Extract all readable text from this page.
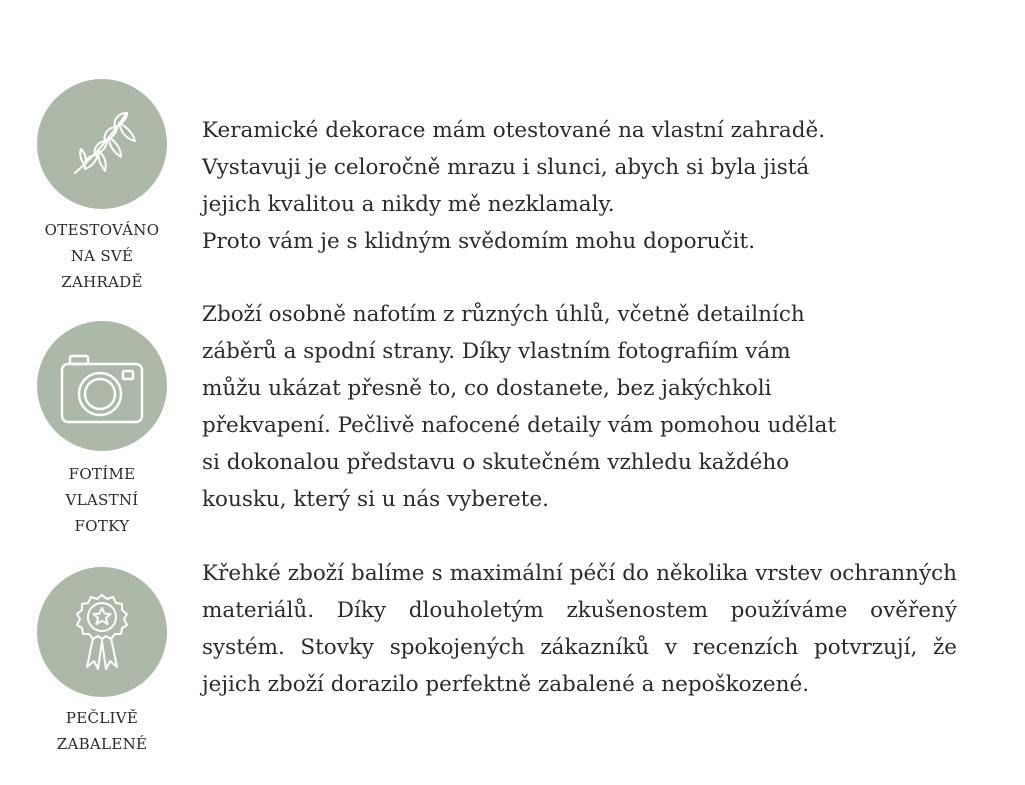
OTESTOVÁNO
NA SVÉ
ZAHRADĚ

Keramické dekorace mám otestované na vlastní zahradě.

Vystavuji je celoročně mrazu i slunci, abych si byla jistá

jejich kvalitou a nikdy mě nezklamaly.

Proto vám je s klidným svědomím mohu doporučit.

FOTÍME
VLASTNÍ
FOTKY

Zboží osobně nafotím z různých úhlů, včetně detailních

záběrů a spodní strany. Díky vlastním fotografiím vám

můžu ukázat přesně to, co dostanete, bez jakýchkoli

překvapení. Pečlivě nafocené detaily vám pomohou udělat

si dokonalou představu o skutečném vzhledu každého

kousku, který si u nás vyberete.

PEČLIVĚ
ZABALENÉ

Křehké zboží balíme s maximální péčí do několika vrstev ochranných materiálů. Díky dlouholetým zkušenostem používáme ověřený systém. Stovky spokojených zákazníků v recenzích potvrzují, že jejich zboží dorazilo perfektně zabalené a nepoškozené.
